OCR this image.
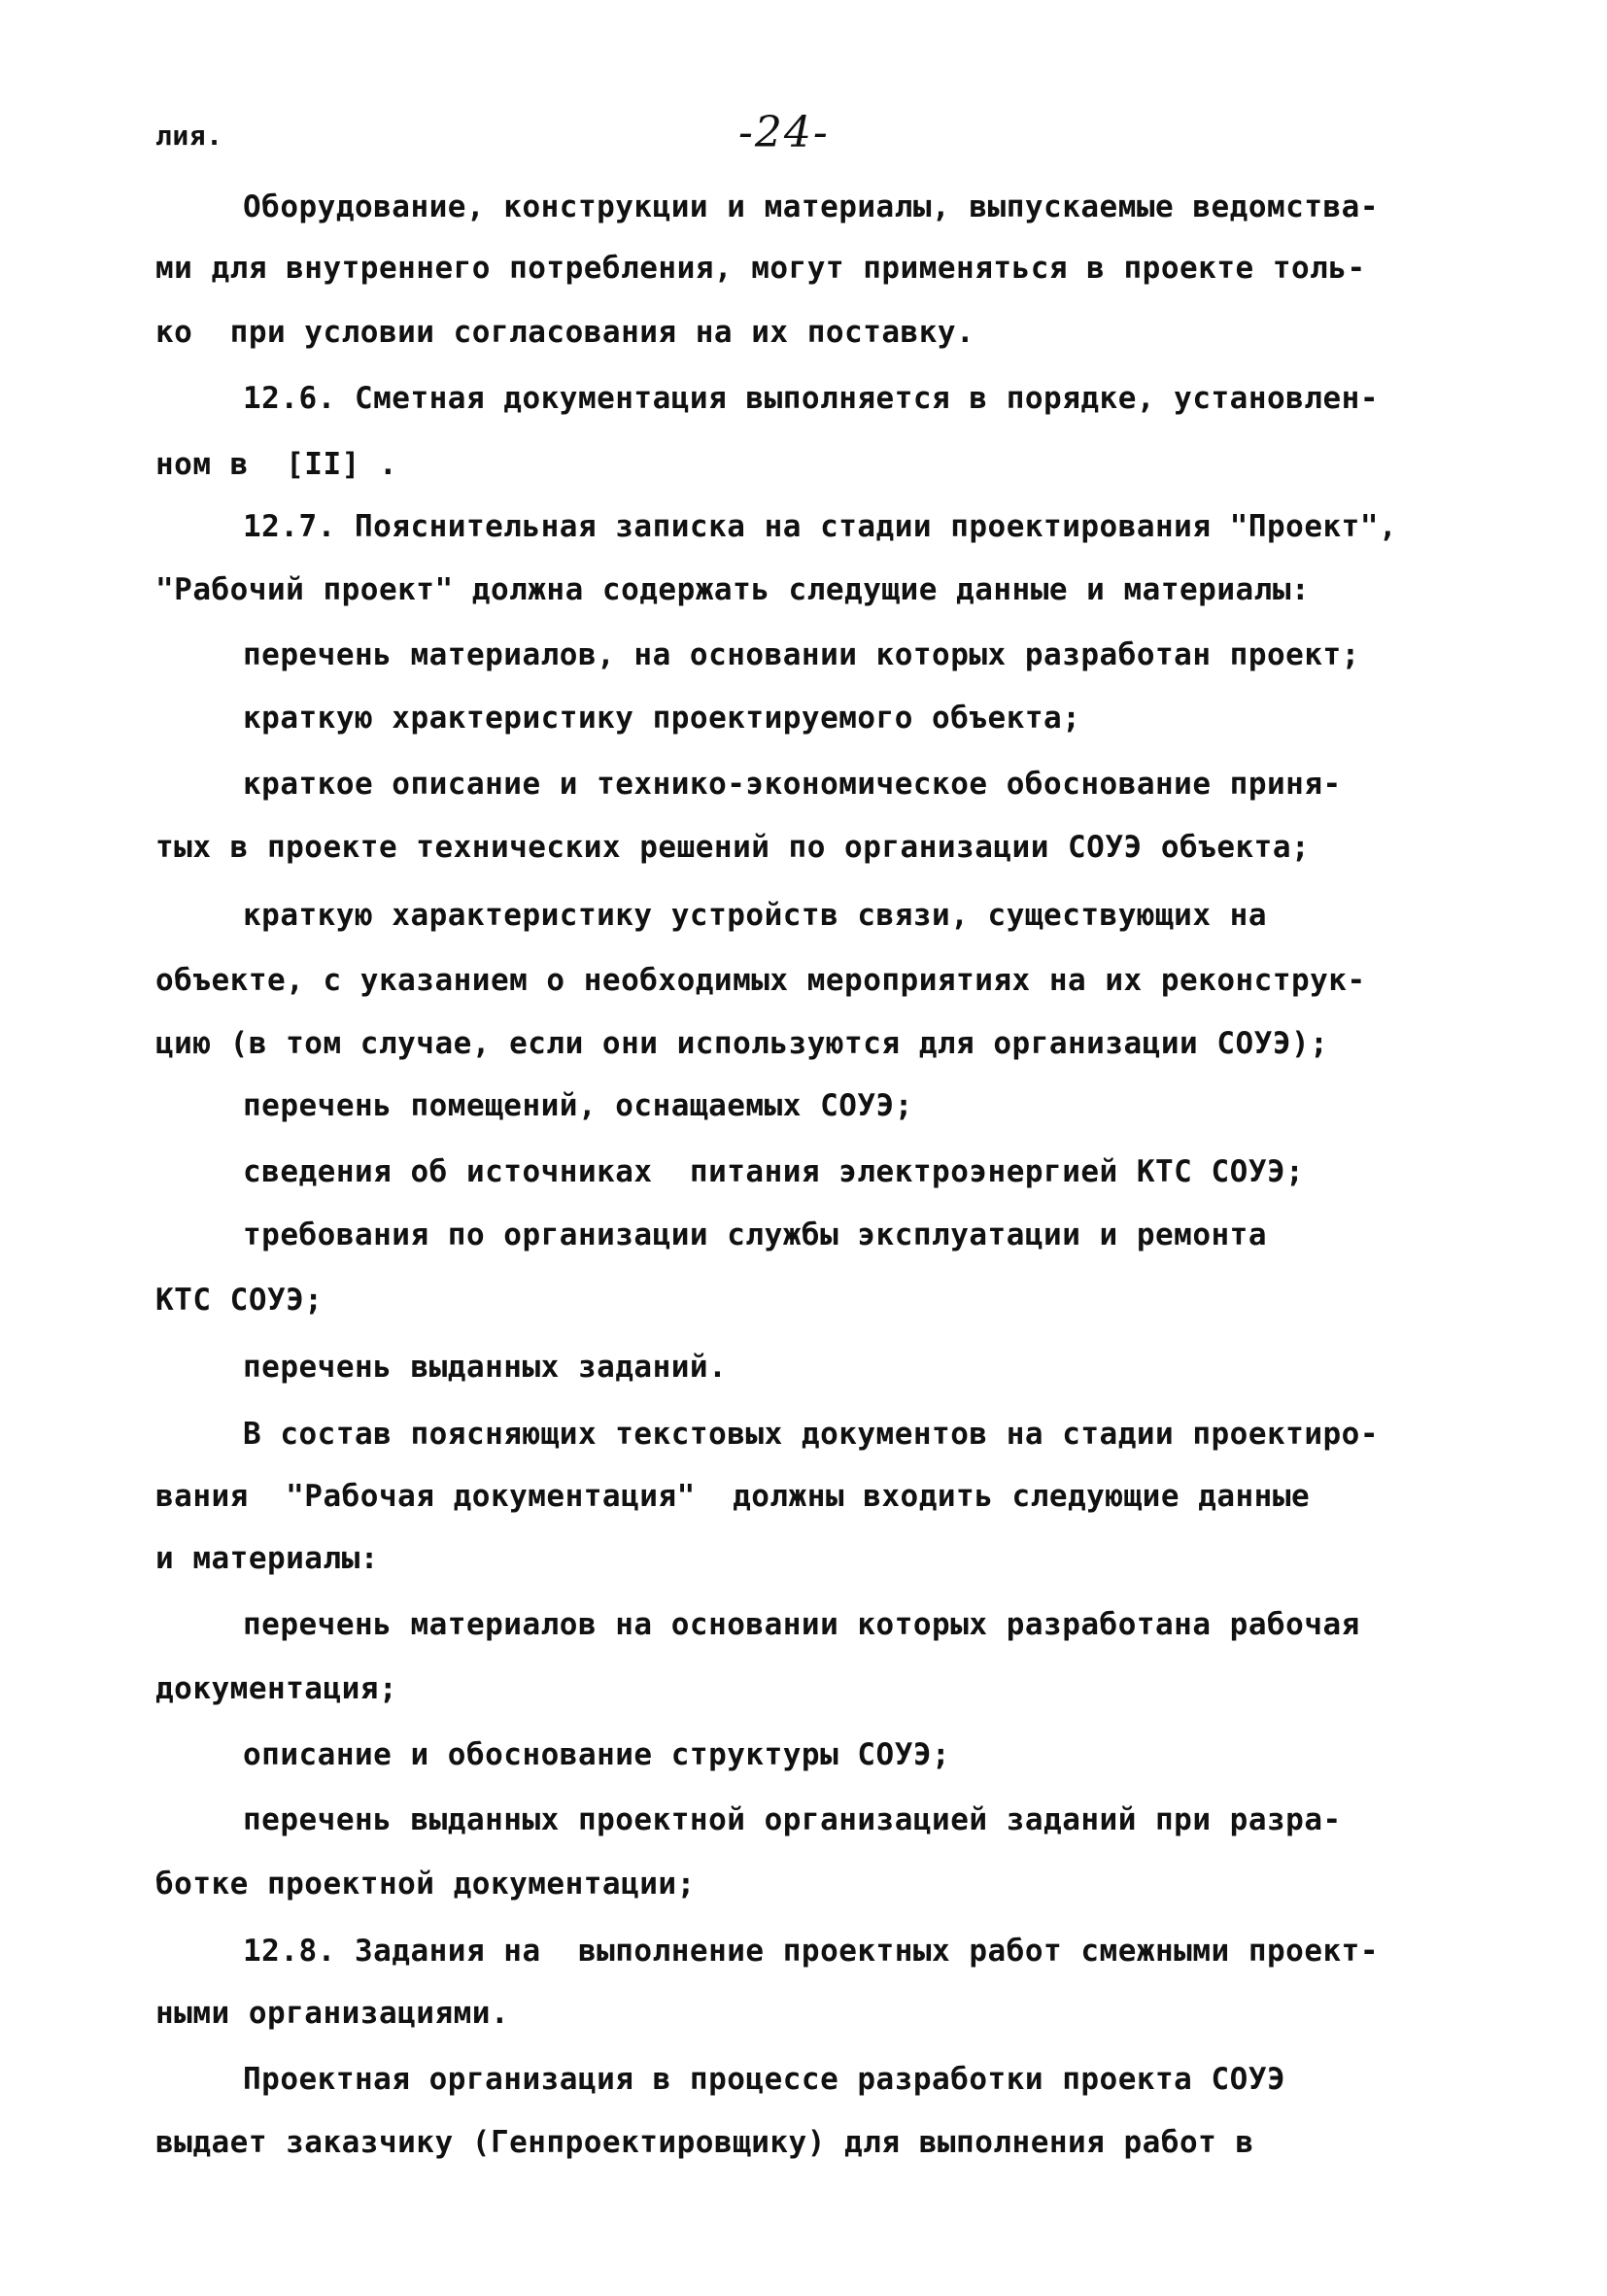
-24-
лия.
Оборудование, конструкции и материалы, выпускаемые ведомства-
ми для внутреннего потребления, могут применяться в проекте толь-
ко  при условии согласования на их поставку.
12.6. Сметная документация выполняется в порядке, установлен-
ном в  [II] .
12.7. Пояснительная записка на стадии проектирования "Проект",
"Рабочий проект" должна содержать следущие данные и материалы:
перечень материалов, на основании которых разработан проект;
краткую храктеристику проектируемого объекта;
краткое описание и технико-экономическое обоснование приня-
тых в проекте технических решений по организации СОУЭ объекта;
краткую характеристику устройств связи, существующих на
объекте, с указанием о необходимых мероприятиях на их реконструк-
цию (в том случае, если они используются для организации СОУЭ);
перечень помещений, оснащаемых СОУЭ;
сведения об источниках  питания электроэнергией КТС СОУЭ;
требования по организации службы эксплуатации и ремонта
КТС СОУЭ;
перечень выданных заданий.
В состав поясняющих текстовых документов на стадии проектиро-
вания  "Рабочая документация"  должны входить следующие данные
и материалы:
перечень материалов на основании которых разработана рабочая
документация;
описание и обоснование структуры СОУЭ;
перечень выданных проектной организацией заданий при разра-
ботке проектной документации;
12.8. Задания на  выполнение проектных работ смежными проект-
ными организациями.
Проектная организация в процессе разработки проекта СОУЭ
выдает заказчику (Генпроектировщику) для выполнения работ в
